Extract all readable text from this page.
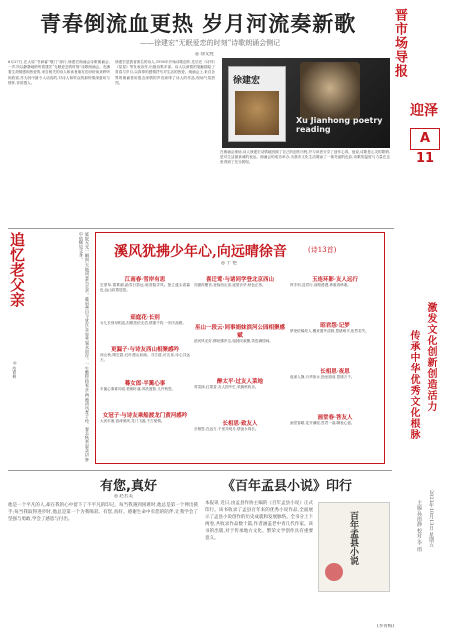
青春倒流血更热 岁月河流奏新歌
——徐建宏“无眠爱恋的时刻”诗歌朗诵会侧记
◎ 徐文胜	晋市场导报
迎泽
A 11
6月27日,在太原“书润睿”敬门”部行,徐建宏朗诵会诗歌朗诵会,一声,所以静静地聆听着建宏“无眠爱恋的时刻”诗歌朗诵会。充满着生命情感和热爱的,来自相关的诗人和读者朋友们纷纷前来聆听和欣赏,作为其中最令人动容的,对诗人和听众的那份情深意切与情怀,非常感人。
徐建宏是我省著名的诗人,1995年开始诗歌创作,先后在《诗刊》《星星》等发表诗作,出版诗集多部。诗人以深情的笔触描绘了青春与岁月,以真挚的感情抒写对生活的热爱。朗诵会上,来自各界的朗诵者用饱含深情的声音演绎了诗人的作品,现场气氛热烈。
在朗诵会现场,诗人徐建宏动情地回顾了自己的创作历程,并与读者分享了创作心得。他说,诗歌是心灵的歌唱,是对生活最真诚的表达。朗诵会的成功举办,为我市文化生活增添了一抹亮丽的色彩,诗歌的温度与力量在这里得到了充分展现。
徐建宏
Xu Jianhong poetry reading
追忆老父亲
◎ 范育林	庭院无光一瞬间,天地同悲失至亲。慈眉善目今犹在,音容笑貌永留存。一生勤俭持家业,两袖清风育子孙。春去秋来思念切,梦中依稀见父身。	溪风犹拂少年心,向远晴徐音	(诗13首)
◎ 于 艳
江南春·雪岸有思
空蒙草,霭雾湖,踏雪行影远,暗香隐弄风。独立渡头看暮色,远山寂寞悠悠。
茹庭花·长别
女儿长别母相送,泪眼依依无语,情重千钧,一别天涯路。
更漏子·与诗友西山相聚感吟
西山秋,晴空碧,红叶漫山如画。寻古道,访名泉,诗心共远天。
蓦女郎·半篱心事
半篱心事谁同说,梧桐叶落,风吹窗影,几许秋思。
女冠子·与诗友乘船渡龙门黄河感吟
大河东流,浪涛滚滚,龙门飞渡,千古豪情。
喜迁莺·与诸同学登北京西山
同窗再聚首,登临西山顶,遥望京华,秋色正浓。
巫山一段云·同事娟妹滨河公园相聚感赋
滨河风光好,柳丝拂岸边,姐妹同欢聚,笑语满园间。
醉太平·过友人菜地
青菜绿,红果香,友人园中忙,采摘秋收乐。
长相思·致友人
长相思,在远方,千里共明月,情谊永绵长。
玉连环影·友人远行
挥手别,送君行,前路漫漫,珍重再珍重。
昭君怨·记梦
梦里依稀故人,醒来窗外清晨,思绪难平,怅然若失。
长相思·夜思
夜深人静,月华如水,独坐窗前,思绪万千。
画堂春·答友人
画堂春暖,花开满庭,答君一曲,聊表心意。
激发文化创新创造活力
传承中华优秀文化根脉
有您,真好
◎ 赵若美
他是一个平凡的人,却在我的心中留下了不平凡的印记。每当我遇到困难时,他总是第一个伸出援手;每当我取得进步时,他总是第一个为我喝彩。有您,真好。感谢生命中有您的陪伴,让我学会了坚强与勇敢,学会了感恩与付出。
《百年孟县小说》印行
本报讯 近日,由孟县作协主编的《百年孟县小说》正式印行。该书收录了孟县百年来的优秀小说作品,全面展示了孟县小说创作的历史成就和发展脉络。全书分上下两卷,共收录作品数十篇,作者涵盖老中青几代作家。该书的出版,对于传承地方文化、繁荣文学创作具有重要意义。	百年孟县小说
(李青梅)
2023年10月13日 星期五
主编:孙雨静 校对:李 雨
